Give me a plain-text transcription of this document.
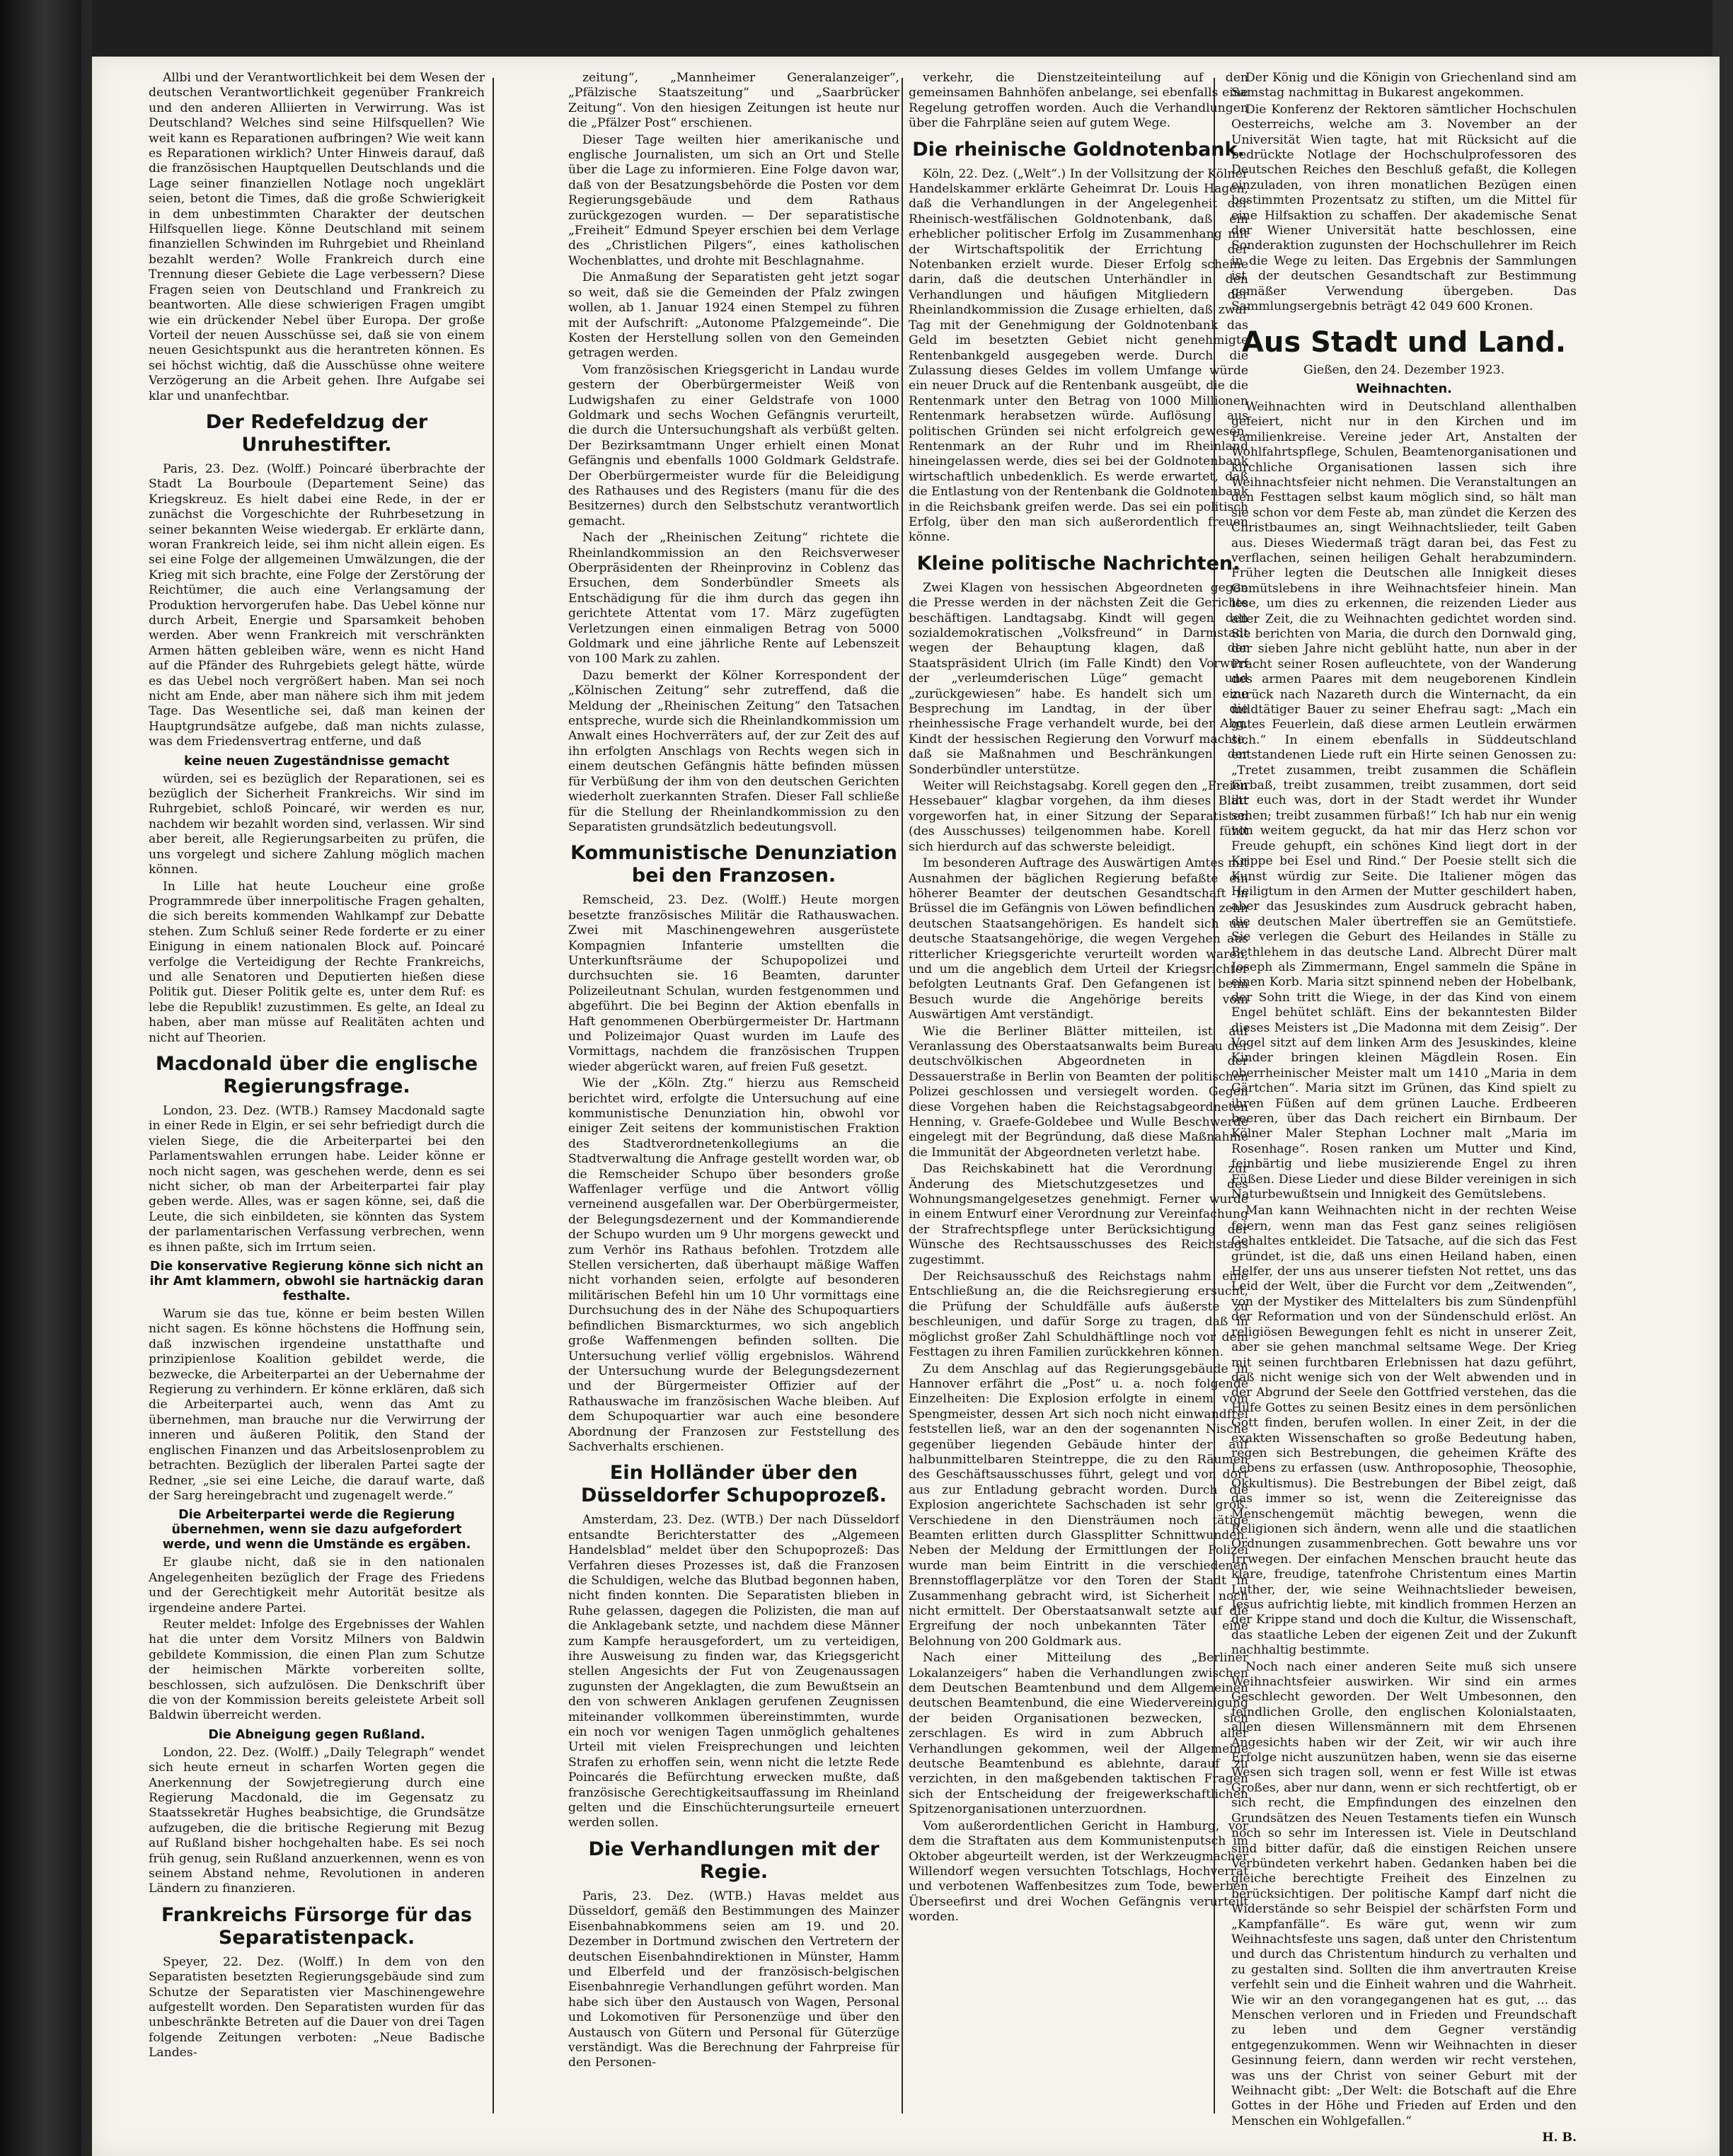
Allbi und der Verantwortlichkeit bei dem Wesen der deutschen Verantwortlichkeit gegenüber Frankreich und den anderen Alliierten in Verwirrung. Was ist Deutschland? Welches sind seine Hilfsquellen? Wie weit kann es Reparationen aufbringen? Wie weit kann es Reparationen wirklich? Unter Hinweis darauf, daß die französischen Hauptquellen Deutschlands und die Lage seiner finanziellen Notlage noch ungeklärt seien, betont die Times, daß die große Schwierigkeit in dem unbestimmten Charakter der deutschen Hilfsquellen liege. Könne Deutschland mit seinem finanziellen Schwinden im Ruhrgebiet und Rheinland bezahlt werden? Wolle Frankreich durch eine Trennung dieser Gebiete die Lage verbessern? Diese Fragen seien von Deutschland und Frankreich zu beantworten. Alle diese schwierigen Fragen umgibt wie ein drückender Nebel über Europa. Der große Vorteil der neuen Ausschüsse sei, daß sie von einem neuen Gesichtspunkt aus die herantreten können. Es sei höchst wichtig, daß die Ausschüsse ohne weitere Verzögerung an die Arbeit gehen. Ihre Aufgabe sei klar und unanfechtbar.

Der Redefeldzug der Unruhestifter.

Paris, 23. Dez. (Wolff.) Poincaré überbrachte der Stadt La Bourboule (Departement Seine) das Kriegskreuz. Es hielt dabei eine Rede, in der er zunächst die Vorgeschichte der Ruhrbesetzung in seiner bekannten Weise wiedergab. Er erklärte dann, woran Frankreich leide, sei ihm nicht allein eigen. Es sei eine Folge der allgemeinen Umwälzungen, die der Krieg mit sich brachte, eine Folge der Zerstörung der Reichtümer, die auch eine Verlangsamung der Produktion hervorgerufen habe. Das Uebel könne nur durch Arbeit, Energie und Sparsamkeit behoben werden. Aber wenn Frankreich mit verschränkten Armen hätten gebleiben wäre, wenn es nicht Hand auf die Pfänder des Ruhrgebiets gelegt hätte, würde es das Uebel noch vergrößert haben. Man sei noch nicht am Ende, aber man nähere sich ihm mit jedem Tage. Das Wesentliche sei, daß man keinen der Hauptgrundsätze aufgebe, daß man nichts zulasse, was dem Friedensvertrag entferne, und daß

keine neuen Zugeständnisse gemacht

würden, sei es bezüglich der Reparationen, sei es bezüglich der Sicherheit Frankreichs. Wir sind im Ruhrgebiet, schloß Poincaré, wir werden es nur, nachdem wir bezahlt worden sind, verlassen. Wir sind aber bereit, alle Regierungsarbeiten zu prüfen, die uns vorgelegt und sichere Zahlung möglich machen können.

In Lille hat heute Loucheur eine große Programmrede über innerpolitische Fragen gehalten, die sich bereits kommenden Wahlkampf zur Debatte stehen. Zum Schluß seiner Rede forderte er zu einer Einigung in einem nationalen Block auf. Poincaré verfolge die Verteidigung der Rechte Frankreichs, und alle Senatoren und Deputierten hießen diese Politik gut. Dieser Politik gelte es, unter dem Ruf: es lebe die Republik! zuzustimmen. Es gelte, an Ideal zu haben, aber man müsse auf Realitäten achten und nicht auf Theorien.

Macdonald über die englische Regierungsfrage.

London, 23. Dez. (WTB.) Ramsey Macdonald sagte in einer Rede in Elgin, er sei sehr befriedigt durch die vielen Siege, die die Arbeiterpartei bei den Parlamentswahlen errungen habe. Leider könne er noch nicht sagen, was geschehen werde, denn es sei nicht sicher, ob man der Arbeiterpartei fair play geben werde. Alles, was er sagen könne, sei, daß die Leute, die sich einbildeten, sie könnten das System der parlamentarischen Verfassung verbrechen, wenn es ihnen paßte, sich im Irrtum seien.

Die konservative Regierung könne sich nicht an ihr Amt klammern, obwohl sie hartnäckig daran festhalte.

Warum sie das tue, könne er beim besten Willen nicht sagen. Es könne höchstens die Hoffnung sein, daß inzwischen irgendeine unstatthafte und prinzipienlose Koalition gebildet werde, die bezwecke, die Arbeiterpartei an der Uebernahme der Regierung zu verhindern. Er könne erklären, daß sich die Arbeiterpartei auch, wenn das Amt zu übernehmen, man brauche nur die Verwirrung der inneren und äußeren Politik, den Stand der englischen Finanzen und das Arbeitslosenproblem zu betrachten. Bezüglich der liberalen Partei sagte der Redner, „sie sei eine Leiche, die darauf warte, daß der Sarg hereingebracht und zugenagelt werde.“

Die Arbeiterpartei werde die Regierung übernehmen, wenn sie dazu aufgefordert werde, und wenn die Umstände es ergäben.

Er glaube nicht, daß sie in den nationalen Angelegenheiten bezüglich der Frage des Friedens und der Gerechtigkeit mehr Autorität besitze als irgendeine andere Partei.

Reuter meldet: Infolge des Ergebnisses der Wahlen hat die unter dem Vorsitz Milners von Baldwin gebildete Kommission, die einen Plan zum Schutze der heimischen Märkte vorbereiten sollte, beschlossen, sich aufzulösen. Die Denkschrift über die von der Kommission bereits geleistete Arbeit soll Baldwin überreicht werden.

Die Abneigung gegen Rußland.

London, 22. Dez. (Wolff.) „Daily Telegraph“ wendet sich heute erneut in scharfen Worten gegen die Anerkennung der Sowjetregierung durch eine Regierung Macdonald, die im Gegensatz zu Staatssekretär Hughes beabsichtige, die Grundsätze aufzugeben, die die britische Regierung mit Bezug auf Rußland bisher hochgehalten habe. Es sei noch früh genug, sein Rußland anzuerkennen, wenn es von seinem Abstand nehme, Revolutionen in anderen Ländern zu finanzieren.

Frankreichs Fürsorge für das Separatistenpack.

Speyer, 22. Dez. (Wolff.) In dem von den Separatisten besetzten Regierungsgebäude sind zum Schutze der Separatisten vier Maschinengewehre aufgestellt worden. Den Separatisten wurden für das unbeschränkte Betreten auf die Dauer von drei Tagen folgende Zeitungen verboten: „Neue Badische Landes-

zeitung“, „Mannheimer Generalanzeiger“, „Pfälzische Staatszeitung“ und „Saarbrücker Zeitung“. Von den hiesigen Zeitungen ist heute nur die „Pfälzer Post“ erschienen.

Dieser Tage weilten hier amerikanische und englische Journalisten, um sich an Ort und Stelle über die Lage zu informieren. Eine Folge davon war, daß von der Besatzungsbehörde die Posten vor dem Regierungsgebäude und dem Rathaus zurückgezogen wurden. — Der separatistische „Freiheit“ Edmund Speyer erschien bei dem Verlage des „Christlichen Pilgers“, eines katholischen Wochenblattes, und drohte mit Beschlagnahme.

Die Anmaßung der Separatisten geht jetzt sogar so weit, daß sie die Gemeinden der Pfalz zwingen wollen, ab 1. Januar 1924 einen Stempel zu führen mit der Aufschrift: „Autonome Pfalzgemeinde“. Die Kosten der Herstellung sollen von den Gemeinden getragen werden.

Vom französischen Kriegsgericht in Landau wurde gestern der Oberbürgermeister Weiß von Ludwigshafen zu einer Geldstrafe von 1000 Goldmark und sechs Wochen Gefängnis verurteilt, die durch die Untersuchungshaft als verbüßt gelten. Der Bezirksamtmann Unger erhielt einen Monat Gefängnis und ebenfalls 1000 Goldmark Geldstrafe. Der Oberbürgermeister wurde für die Beleidigung des Rathauses und des Registers (manu für die des Besitzernes) durch den Selbstschutz verantwortlich gemacht.

Nach der „Rheinischen Zeitung“ richtete die Rheinlandkommission an den Reichsverweser Oberpräsidenten der Rheinprovinz in Coblenz das Ersuchen, dem Sonderbündler Smeets als Entschädigung für die ihm durch das gegen ihn gerichtete Attentat vom 17. März zugefügten Verletzungen einen einmaligen Betrag von 5000 Goldmark und eine jährliche Rente auf Lebenszeit von 100 Mark zu zahlen.

Dazu bemerkt der Kölner Korrespondent der „Kölnischen Zeitung“ sehr zutreffend, daß die Meldung der „Rheinischen Zeitung“ den Tatsachen entspreche, wurde sich die Rheinlandkommission um Anwalt eines Hochverräters auf, der zur Zeit des auf ihn erfolgten Anschlags von Rechts wegen sich in einem deutschen Gefängnis hätte befinden müssen für Verbüßung der ihm von den deutschen Gerichten wiederholt zuerkannten Strafen. Dieser Fall schließe für die Stellung der Rheinlandkommission zu den Separatisten grundsätzlich bedeutungsvoll.

Kommunistische Denunziation bei den Franzosen.

Remscheid, 23. Dez. (Wolff.) Heute morgen besetzte französisches Militär die Rathauswachen. Zwei mit Maschinengewehren ausgerüstete Kompagnien Infanterie umstellten die Unterkunftsräume der Schupopolizei und durchsuchten sie. 16 Beamten, darunter Polizeileutnant Schulan, wurden festgenommen und abgeführt. Die bei Beginn der Aktion ebenfalls in Haft genommenen Oberbürgermeister Dr. Hartmann und Polizeimajor Quast wurden im Laufe des Vormittags, nachdem die französischen Truppen wieder abgerückt waren, auf freien Fuß gesetzt.

Wie der „Köln. Ztg.“ hierzu aus Remscheid berichtet wird, erfolgte die Untersuchung auf eine kommunistische Denunziation hin, obwohl vor einiger Zeit seitens der kommunistischen Fraktion des Stadtverordnetenkollegiums an die Stadtverwaltung die Anfrage gestellt worden war, ob die Remscheider Schupo über besonders große Waffenlager verfüge und die Antwort völlig verneinend ausgefallen war. Der Oberbürgermeister, der Belegungsdezernent und der Kommandierende der Schupo wurden um 9 Uhr morgens geweckt und zum Verhör ins Rathaus befohlen. Trotzdem alle Stellen versicherten, daß überhaupt mäßige Waffen nicht vorhanden seien, erfolgte auf besonderen militärischen Befehl hin um 10 Uhr vormittags eine Durchsuchung des in der Nähe des Schupoquartiers befindlichen Bismarckturmes, wo sich angeblich große Waffenmengen befinden sollten. Die Untersuchung verlief völlig ergebnislos. Während der Untersuchung wurde der Belegungsdezernent und der Bürgermeister Offizier auf der Rathauswache im französischen Wache bleiben. Auf dem Schupoquartier war auch eine besondere Abordnung der Franzosen zur Feststellung des Sachverhalts erschienen.

Ein Holländer über den Düsseldorfer Schupoprozeß.

Amsterdam, 23. Dez. (WTB.) Der nach Düsseldorf entsandte Berichterstatter des „Algemeen Handelsblad“ meldet über den Schupoprozeß: Das Verfahren dieses Prozesses ist, daß die Franzosen die Schuldigen, welche das Blutbad begonnen haben, nicht finden konnten. Die Separatisten blieben in Ruhe gelassen, dagegen die Polizisten, die man auf die Anklagebank setzte, und nachdem diese Männer zum Kampfe herausgefordert, um zu verteidigen, ihre Ausweisung zu finden war, das Kriegsgericht stellen Angesichts der Fut von Zeugenaussagen zugunsten der Angeklagten, die zum Bewußtsein an den von schweren Anklagen gerufenen Zeugnissen miteinander vollkommen übereinstimmten, wurde ein noch vor wenigen Tagen unmöglich gehaltenes Urteil mit vielen Freisprechungen und leichten Strafen zu erhoffen sein, wenn nicht die letzte Rede Poincarés die Befürchtung erwecken mußte, daß französische Gerechtigkeitsauffassung im Rheinland gelten und die Einschüchterungsurteile erneuert werden sollen.

Die Verhandlungen mit der Regie.

Paris, 23. Dez. (WTB.) Havas meldet aus Düsseldorf, gemäß den Bestimmungen des Mainzer Eisenbahnabkommens seien am 19. und 20. Dezember in Dortmund zwischen den Vertretern der deutschen Eisenbahndirektionen in Münster, Hamm und Elberfeld und der französisch-belgischen Eisenbahnregie Verhandlungen geführt worden. Man habe sich über den Austausch von Wagen, Personal und Lokomotiven für Personenzüge und über den Austausch von Gütern und Personal für Güterzüge verständigt. Was die Berechnung der Fahrpreise für den Personen-

verkehr, die Dienstzeiteinteilung auf den gemeinsamen Bahnhöfen anbelange, sei ebenfalls eine Regelung getroffen worden. Auch die Verhandlungen über die Fahrpläne seien auf gutem Wege.

Die rheinische Goldnotenbank.

Köln, 22. Dez. („Welt“.) In der Vollsitzung der Kölner Handelskammer erklärte Geheimrat Dr. Louis Hagen, daß die Verhandlungen in der Angelegenheit der Rheinisch-westfälischen Goldnotenbank, daß ein erheblicher politischer Erfolg im Zusammenhang mit der Wirtschaftspolitik der Errichtung der Notenbanken erzielt wurde. Dieser Erfolg scheine darin, daß die deutschen Unterhändler in den Verhandlungen und häufigen Mitgliedern der Rheinlandkommission die Zusage erhielten, daß zwar Tag mit der Genehmigung der Goldnotenbank das Geld im besetzten Gebiet nicht genehmigte Rentenbankgeld ausgegeben werde. Durch die Zulassung dieses Geldes im vollem Umfange würde ein neuer Druck auf die Rentenbank ausgeübt, die die Rentenmark unter den Betrag von 1000 Millionen Rentenmark herabsetzen würde. Auflösung aus politischen Gründen sei nicht erfolgreich gewesen, Rentenmark an der Ruhr und im Rheinland hineingelassen werde, dies sei bei der Goldnotenbank wirtschaftlich unbedenklich. Es werde erwartet, daß die Entlastung von der Rentenbank die Goldnotenbank in die Reichsbank greifen werde. Das sei ein politisch Erfolg, über den man sich außerordentlich freuen könne.

Kleine politische Nachrichten.

Zwei Klagen von hessischen Abgeordneten gegen die Presse werden in der nächsten Zeit die Gerichte beschäftigen. Landtagsabg. Kindt will gegen den sozialdemokratischen „Volksfreund“ in Darmstadt wegen der Behauptung klagen, daß der Staatspräsident Ulrich (im Falle Kindt) den Vorwurf der „verleumderischen Lüge“ gemacht und „zurückgewiesen“ habe. Es handelt sich um eine Besprechung im Landtag, in der über die rheinhessische Frage verhandelt wurde, bei der Abg. Kindt der hessischen Regierung den Vorwurf machte, daß sie Maßnahmen und Beschränkungen der Sonderbündler unterstütze.

Weiter will Reichstagsabg. Korell gegen den „Freien Hessebauer“ klagbar vorgehen, da ihm dieses Blatt vorgeworfen hat, in einer Sitzung der Separatisten (des Ausschusses) teilgenommen habe. Korell fühlt sich hierdurch auf das schwerste beleidigt.

Im besonderen Auftrage des Auswärtigen Amtes mit Ausnahmen der bäglichen Regierung befaßte ein höherer Beamter der deutschen Gesandtschaft in Brüssel die im Gefängnis von Löwen befindlichen zehn deutschen Staatsangehörigen. Es handelt sich um deutsche Staatsangehörige, die wegen Vergehen aus ritterlicher Kriegsgerichte verurteilt worden waren, und um die angeblich dem Urteil der Kriegsrichter befolgten Leutnants Graf. Den Gefangenen ist beim Besuch wurde die Angehörige bereits vom Auswärtigen Amt verständigt.

Wie die Berliner Blätter mitteilen, ist auf Veranlassung des Oberstaatsanwalts beim Bureau der deutschvölkischen Abgeordneten in der Dessauerstraße in Berlin von Beamten der politischen Polizei geschlossen und versiegelt worden. Gegen diese Vorgehen haben die Reichstagsabgeordneten Henning, v. Graefe-Goldebee und Wulle Beschwerde eingelegt mit der Begründung, daß diese Maßnahme die Immunität der Abgeordneten verletzt habe.

Das Reichskabinett hat die Verordnung zur Änderung des Mietschutzgesetzes und des Wohnungsmangelgesetzes genehmigt. Ferner wurde in einem Entwurf einer Verordnung zur Vereinfachung der Strafrechtspflege unter Berücksichtigung der Wünsche des Rechtsausschusses des Reichstags zugestimmt.

Der Reichsausschuß des Reichstags nahm eine Entschließung an, die die Reichsregierung ersucht, die Prüfung der Schuldfälle aufs äußerste zu beschleunigen, und dafür Sorge zu tragen, daß in möglichst großer Zahl Schuldhäftlinge noch vor dem Festtagen zu ihren Familien zurückkehren können.

Zu dem Anschlag auf das Regierungsgebäude in Hannover erfährt die „Post“ u. a. noch folgende Einzelheiten: Die Explosion erfolgte in einem vom Spengmeister, dessen Art sich noch nicht einwandfrei feststellen ließ, war an den der sogenannten Nische gegenüber liegenden Gebäude hinter der auf halbunmittelbaren Steintreppe, die zu den Räumen des Geschäftsausschusses führt, gelegt und von dort aus zur Entladung gebracht worden. Durch die Explosion angerichtete Sachschaden ist sehr groß. Verschiedene in den Diensträumen noch tätige Beamten erlitten durch Glassplitter Schnittwunden. Neben der Meldung der Ermittlungen der Polizei wurde man beim Eintritt in die verschiedenen Brennstofflagerplätze vor den Toren der Stadt in Zusammenhang gebracht wird, ist Sicherheit noch nicht ermittelt. Der Oberstaatsanwalt setzte auf die Ergreifung der noch unbekannten Täter eine Belohnung von 200 Goldmark aus.

Nach einer Mitteilung des „Berliner Lokalanzeigers“ haben die Verhandlungen zwischen dem Deutschen Beamtenbund und dem Allgemeinen deutschen Beamtenbund, die eine Wiedervereinigung der beiden Organisationen bezwecken, sich zerschlagen. Es wird in zum Abbruch aller Verhandlungen gekommen, weil der Allgemeine deutsche Beamtenbund es ablehnte, darauf zu verzichten, in den maßgebenden taktischen Fragen sich der Entscheidung der freigewerkschaftlichen Spitzenorganisationen unterzuordnen.

Vom außerordentlichen Gericht in Hamburg, vor dem die Straftaten aus dem Kommunistenputsch im Oktober abgeurteilt werden, ist der Werkzeugmacher Willendorf wegen versuchten Totschlags, Hochverrat und verbotenen Waffenbesitzes zum Tode, bewerben Überseefirst und drei Wochen Gefängnis verurteilt worden.

Der König und die Königin von Griechenland sind am Samstag nachmittag in Bukarest angekommen.

Die Konferenz der Rektoren sämtlicher Hochschulen Oesterreichs, welche am 3. November an der Universität Wien tagte, hat mit Rücksicht auf die bedrückte Notlage der Hochschulprofessoren des Deutschen Reiches den Beschluß gefaßt, die Kollegen einzuladen, von ihren monatlichen Bezügen einen bestimmten Prozentsatz zu stiften, um die Mittel für eine Hilfsaktion zu schaffen. Der akademische Senat der Wiener Universität hatte beschlossen, eine Sonderaktion zugunsten der Hochschullehrer im Reich in die Wege zu leiten. Das Ergebnis der Sammlungen ist der deutschen Gesandtschaft zur Bestimmung gemäßer Verwendung übergeben. Das Sammlungsergebnis beträgt 42 049 600 Kronen.

Aus Stadt und Land.
Gießen, den 24. Dezember 1923.
Weihnachten.

Weihnachten wird in Deutschland allenthalben gefeiert, nicht nur in den Kirchen und im Familienkreise. Vereine jeder Art, Anstalten der Wohlfahrtspflege, Schulen, Beamtenorganisationen und kirchliche Organisationen lassen sich ihre Weihnachtsfeier nicht nehmen. Die Veranstaltungen an den Festtagen selbst kaum möglich sind, so hält man sie schon vor dem Feste ab, man zündet die Kerzen des Christbaumes an, singt Weihnachtslieder, teilt Gaben aus. Dieses Wiedermaß trägt daran bei, das Fest zu verflachen, seinen heiligen Gehalt herabzumindern. Früher legten die Deutschen alle Innigkeit dieses Gemütslebens in ihre Weihnachtsfeier hinein. Man lese, um dies zu erkennen, die reizenden Lieder aus aller Zeit, die zu Weihnachten gedichtet worden sind. Sie berichten von Maria, die durch den Dornwald ging, der sieben Jahre nicht geblüht hatte, nun aber in der Pracht seiner Rosen aufleuchtete, von der Wanderung des armen Paares mit dem neugeborenen Kindlein zurück nach Nazareth durch die Winternacht, da ein mildtätiger Bauer zu seiner Ehefrau sagt: „Mach ein gutes Feuerlein, daß diese armen Leutlein erwärmen sich.“ In einem ebenfalls in Süddeutschland entstandenen Liede ruft ein Hirte seinen Genossen zu: „Tretet zusammen, treibt zusammen die Schäflein fürbaß, treibt zusammen, treibt zusammen, dort seid ihr euch was, dort in der Stadt werdet ihr Wunder sehen; treibt zusammen fürbaß!“ Ich hab nur ein wenig von weitem geguckt, da hat mir das Herz schon vor Freude gehupft, ein schönes Kind liegt dort in der Krippe bei Esel und Rind.“ Der Poesie stellt sich die Kunst würdig zur Seite. Die Italiener mögen das Heiligtum in den Armen der Mutter geschildert haben, aber das Jesuskindes zum Ausdruck gebracht haben, die deutschen Maler übertreffen sie an Gemütstiefe. Sie verlegen die Geburt des Heilandes in Ställe zu Bethlehem in das deutsche Land. Albrecht Dürer malt Joseph als Zimmermann, Engel sammeln die Späne in einen Korb. Maria sitzt spinnend neben der Hobelbank, der Sohn tritt die Wiege, in der das Kind von einem Engel behütet schläft. Eins der bekanntesten Bilder dieses Meisters ist „Die Madonna mit dem Zeisig“. Der Vogel sitzt auf dem linken Arm des Jesuskindes, kleine Kinder bringen kleinen Mägdlein Rosen. Ein oberrheinischer Meister malt um 1410 „Maria in dem Gärtchen“. Maria sitzt im Grünen, das Kind spielt zu ihren Füßen auf dem grünen Lauche. Erdbeeren beeren, über das Dach reichert ein Birnbaum. Der Kölner Maler Stephan Lochner malt „Maria im Rosenhage“. Rosen ranken um Mutter und Kind, feinbärtig und liebe musizierende Engel zu ihren Füßen. Diese Lieder und diese Bilder vereinigen in sich Naturbewußtsein und Innigkeit des Gemütslebens.

Man kann Weihnachten nicht in der rechten Weise feiern, wenn man das Fest ganz seines religiösen Gehaltes entkleidet. Die Tatsache, auf die sich das Fest gründet, ist die, daß uns einen Heiland haben, einen Helfer, der uns aus unserer tiefsten Not rettet, uns das Leid der Welt, über die Furcht vor dem „Zeitwenden“, von der Mystiker des Mittelalters bis zum Sündenpfühl der Reformation und von der Sündenschuld erlöst. An religiösen Bewegungen fehlt es nicht in unserer Zeit, aber sie gehen manchmal seltsame Wege. Der Krieg mit seinen furchtbaren Erlebnissen hat dazu geführt, daß nicht wenige sich von der Welt abwenden und in der Abgrund der Seele den Gottfried verstehen, das die Hilfe Gottes zu seinen Besitz eines in dem persönlichen Gott finden, berufen wollen. In einer Zeit, in der die exakten Wissenschaften so große Bedeutung haben, regen sich Bestrebungen, die geheimen Kräfte des Lebens zu erfassen (usw. Anthroposophie, Theosophie, Okkultismus). Die Bestrebungen der Bibel zeigt, daß das immer so ist, wenn die Zeitereignisse das Menschengemüt mächtig bewegen, wenn die Religionen sich ändern, wenn alle und die staatlichen Ordnungen zusammenbrechen. Gott bewahre uns vor Irrwegen. Der einfachen Menschen braucht heute das klare, freudige, tatenfrohe Christentum eines Martin Luther, der, wie seine Weihnachtslieder beweisen, Jesus aufrichtig liebte, mit kindlich frommen Herzen an der Krippe stand und doch die Kultur, die Wissenschaft, das staatliche Leben der eigenen Zeit und der Zukunft nachhaltig bestimmte.

Noch nach einer anderen Seite muß sich unsere Weihnachtsfeier auswirken. Wir sind ein armes Geschlecht geworden. Der Welt Umbesonnen, den feindlichen Grolle, den englischen Kolonialstaaten, allen diesen Willensmännern mit dem Ehrsenen Angesichts haben wir der Zeit, wir wir auch ihre Erfolge nicht auszunützen haben, wenn sie das eiserne Wesen sich tragen soll, wenn er fest Wille ist etwas Großes, aber nur dann, wenn er sich rechtfertigt, ob er sich recht, die Empfindungen des einzelnen den Grundsätzen des Neuen Testaments tiefen ein Wunsch noch so sehr im Interessen ist. Viele in Deutschland sind bitter dafür, daß die einstigen Reichen unsere Verbündeten verkehrt haben. Gedanken haben bei die gleiche berechtigte Freiheit des Einzelnen zu berücksichtigen. Der politische Kampf darf nicht die Widerstände so sehr Beispiel der schärfsten Form und „Kampfanfälle“. Es wäre gut, wenn wir zum Weihnachtsfeste uns sagen, daß unter den Christentum und durch das Christentum hindurch zu verhalten und zu gestalten sind. Sollten die ihm anvertrauten Kreise verfehlt sein und die Einheit wahren und die Wahrheit. Wie wir an den vorangegangenen hat es gut, ... das Menschen verloren und in Frieden und Freundschaft zu leben und dem Gegner verständig entgegenzukommen. Wenn wir Weihnachten in dieser Gesinnung feiern, dann werden wir recht verstehen, was uns der Christ von seiner Geburt mit der Weihnacht gibt: „Der Welt: die Botschaft auf die Ehre Gottes in der Höhe und Frieden auf Erden und den Menschen ein Wohlgefallen.“

H. B.
